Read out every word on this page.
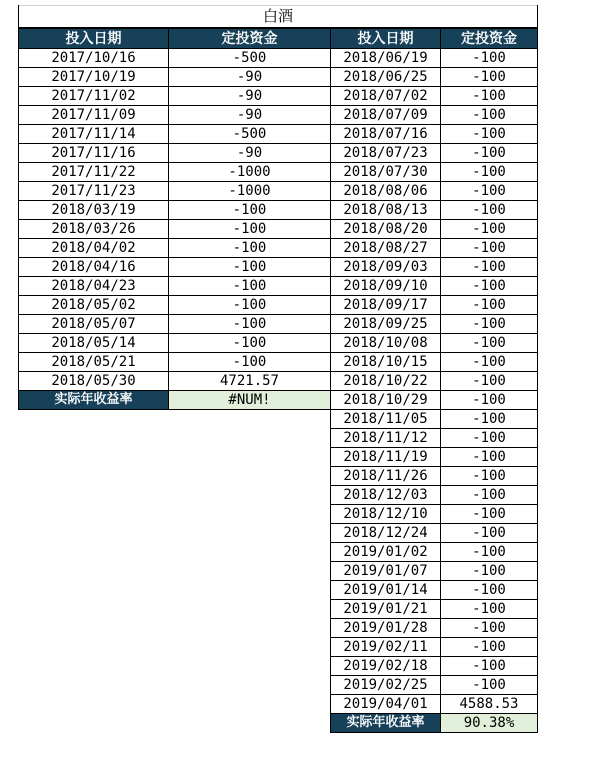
白酒
投入日期	定投资金
2017/10/16	-500
2017/10/19	-90
2017/11/02	-90
2017/11/09	-90
2017/11/14	-500
2017/11/16	-90
2017/11/22	-1000
2017/11/23	-1000
2018/03/19	-100
2018/03/26	-100
2018/04/02	-100
2018/04/16	-100
2018/04/23	-100
2018/05/02	-100
2018/05/07	-100
2018/05/14	-100
2018/05/21	-100
2018/05/30	4721.57
实际年收益率	#NUM!
投入日期	定投资金
2018/06/19	-100
2018/06/25	-100
2018/07/02	-100
2018/07/09	-100
2018/07/16	-100
2018/07/23	-100
2018/07/30	-100
2018/08/06	-100
2018/08/13	-100
2018/08/20	-100
2018/08/27	-100
2018/09/03	-100
2018/09/10	-100
2018/09/17	-100
2018/09/25	-100
2018/10/08	-100
2018/10/15	-100
2018/10/22	-100
2018/10/29	-100
2018/11/05	-100
2018/11/12	-100
2018/11/19	-100
2018/11/26	-100
2018/12/03	-100
2018/12/10	-100
2018/12/24	-100
2019/01/02	-100
2019/01/07	-100
2019/01/14	-100
2019/01/21	-100
2019/01/28	-100
2019/02/11	-100
2019/02/18	-100
2019/02/25	-100
2019/04/01	4588.53
实际年收益率	90.38%
